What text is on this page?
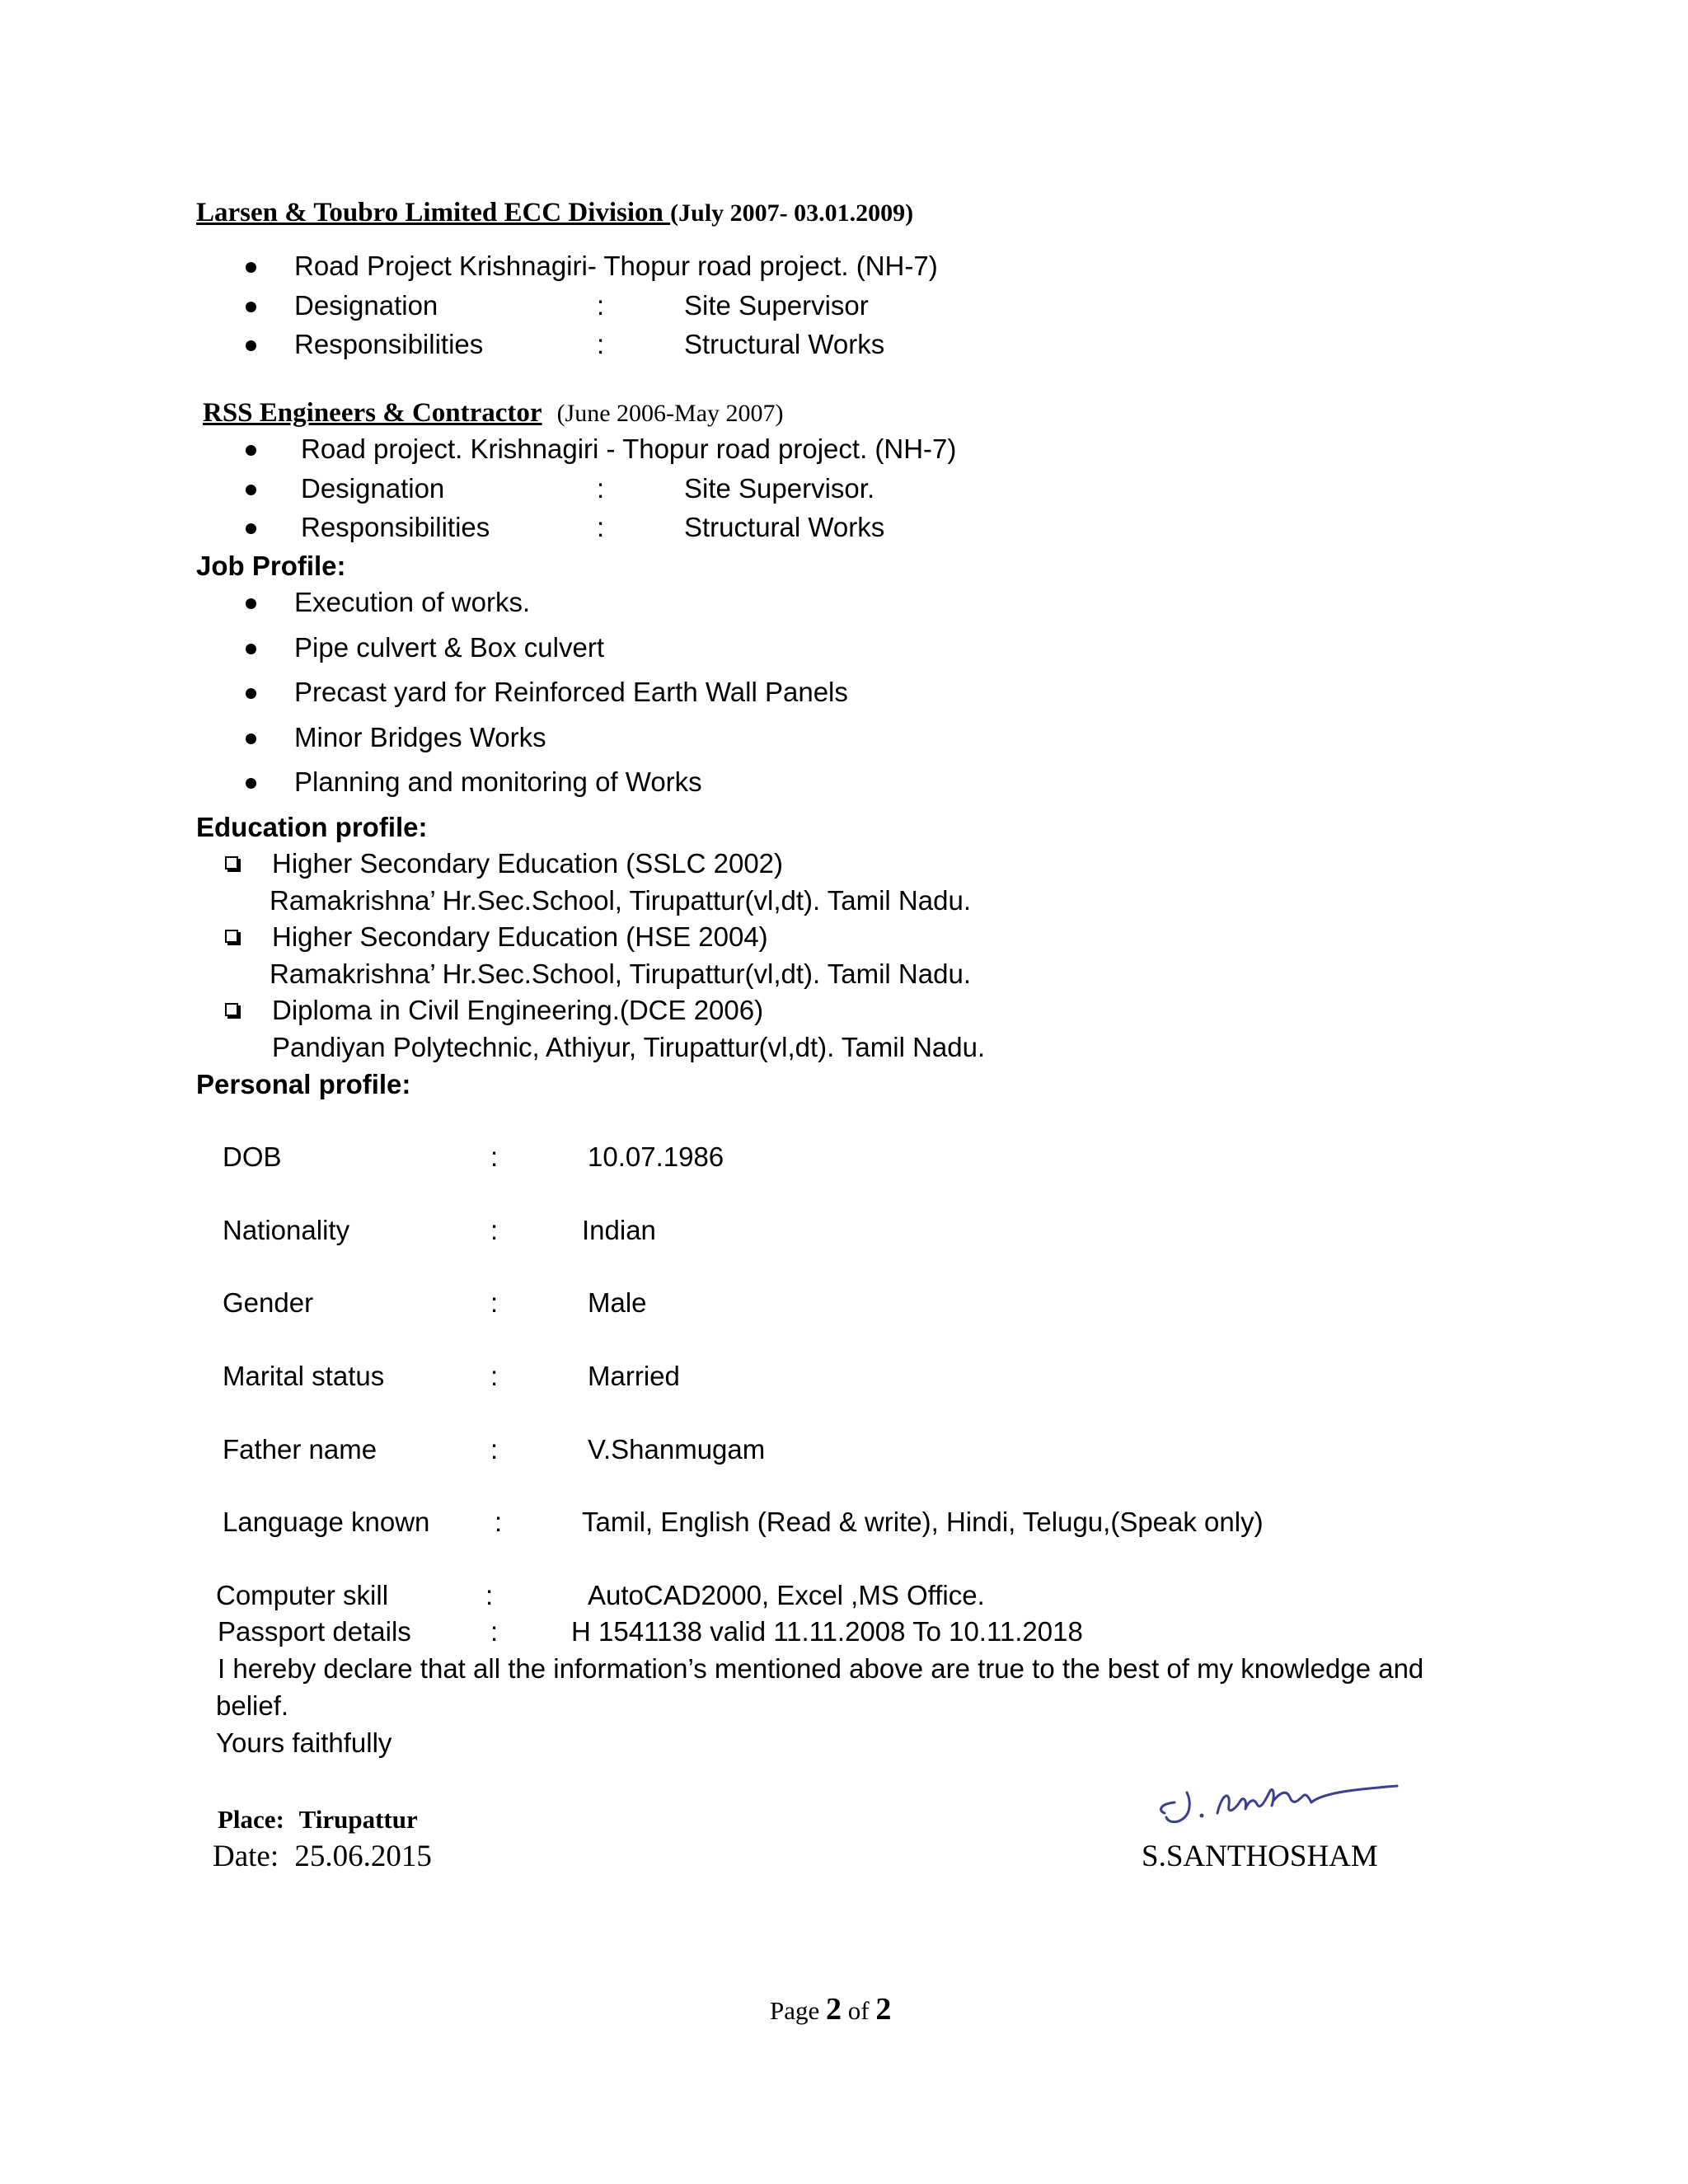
Larsen & Toubro Limited ECC Division (July 2007- 03.01.2009)
Road Project Krishnagiri- Thopur road project. (NH-7)
Designation	:	Site Supervisor
Responsibilities	:	Structural Works
RSS Engineers & Contractor (June 2006-May 2007)
Road project. Krishnagiri - Thopur road project. (NH-7)
Designation	:	Site Supervisor.
Responsibilities	:	Structural Works
Job Profile:
Execution of works.
Pipe culvert & Box culvert
Precast yard for Reinforced Earth Wall Panels
Minor Bridges Works
Planning and monitoring of Works
Education profile:
Higher Secondary Education (SSLC 2002)
Ramakrishna’ Hr.Sec.School, Tirupattur(vl,dt). Tamil Nadu.
Higher Secondary Education (HSE 2004)
Ramakrishna’ Hr.Sec.School, Tirupattur(vl,dt). Tamil Nadu.
Diploma in Civil Engineering.(DCE 2006)
Pandiyan Polytechnic, Athiyur, Tirupattur(vl,dt). Tamil Nadu.
Personal profile:
DOB	:	10.07.1986
Nationality	:	Indian
Gender	:	Male
Marital status	:	Married
Father name	:	V.Shanmugam
Language known :	Tamil, English (Read & write), Hindi, Telugu,(Speak only)
Computer skill	:	AutoCAD2000, Excel ,MS Office.
Passport details	:	H 1541138 valid 11.11.2008 To 10.11.2018
I hereby declare that all the information’s mentioned above are true to the best of my knowledge and
belief.
Yours faithfully
Place: Tirupattur
Date: 25.06.2015	S.SANTHOSHAM
Page 2 of 2
